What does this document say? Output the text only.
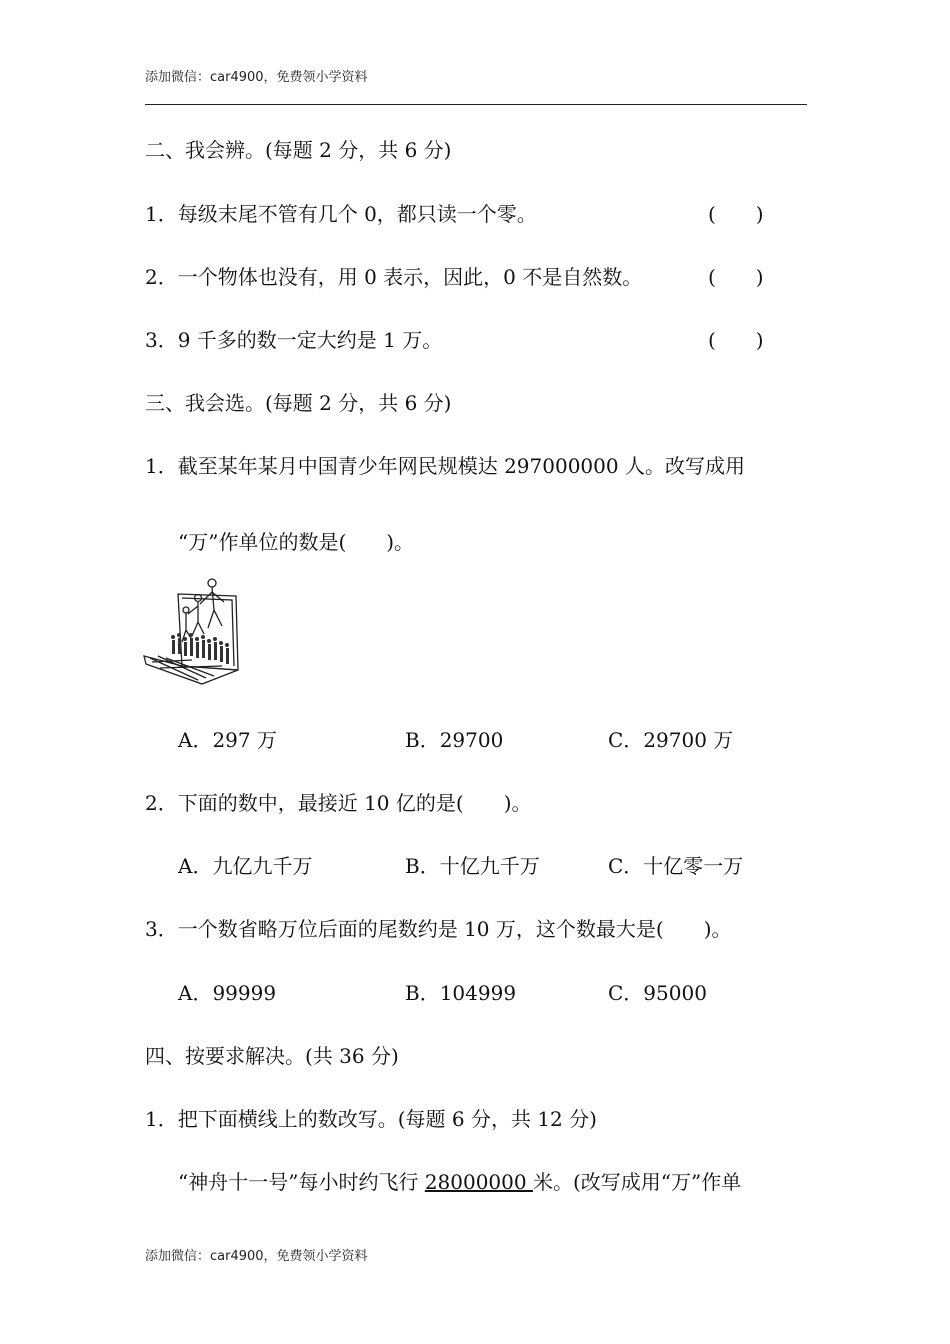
添加微信：car4900，免费领小学资料
二、我会辨。(每题 2 分，共 6 分)
1．每级末尾不管有几个 0，都只读一个零。	(　　)
2．一个物体也没有，用 0 表示，因此，0 不是自然数。	(　　)
3．9 千多的数一定大约是 1 万。	(　　)
三、我会选。(每题 2 分，共 6 分)
1．截至某年某月中国青少年网民规模达 297000000 人。改写成用
“万”作单位的数是(　　)。
A．297 万	B．29700	C．29700 万
2．下面的数中，最接近 10 亿的是(　　)。
A．九亿九千万	B．十亿九千万	C．十亿零一万
3．一个数省略万位后面的尾数约是 10 万，这个数最大是(　　)。
A．99999	B．104999	C．95000
四、按要求解决。(共 36 分)
1．把下面横线上的数改写。(每题 6 分，共 12 分)
“神舟十一号”每小时约飞行 28000000 米。(改写成用“万”作单
添加微信：car4900，免费领小学资料
